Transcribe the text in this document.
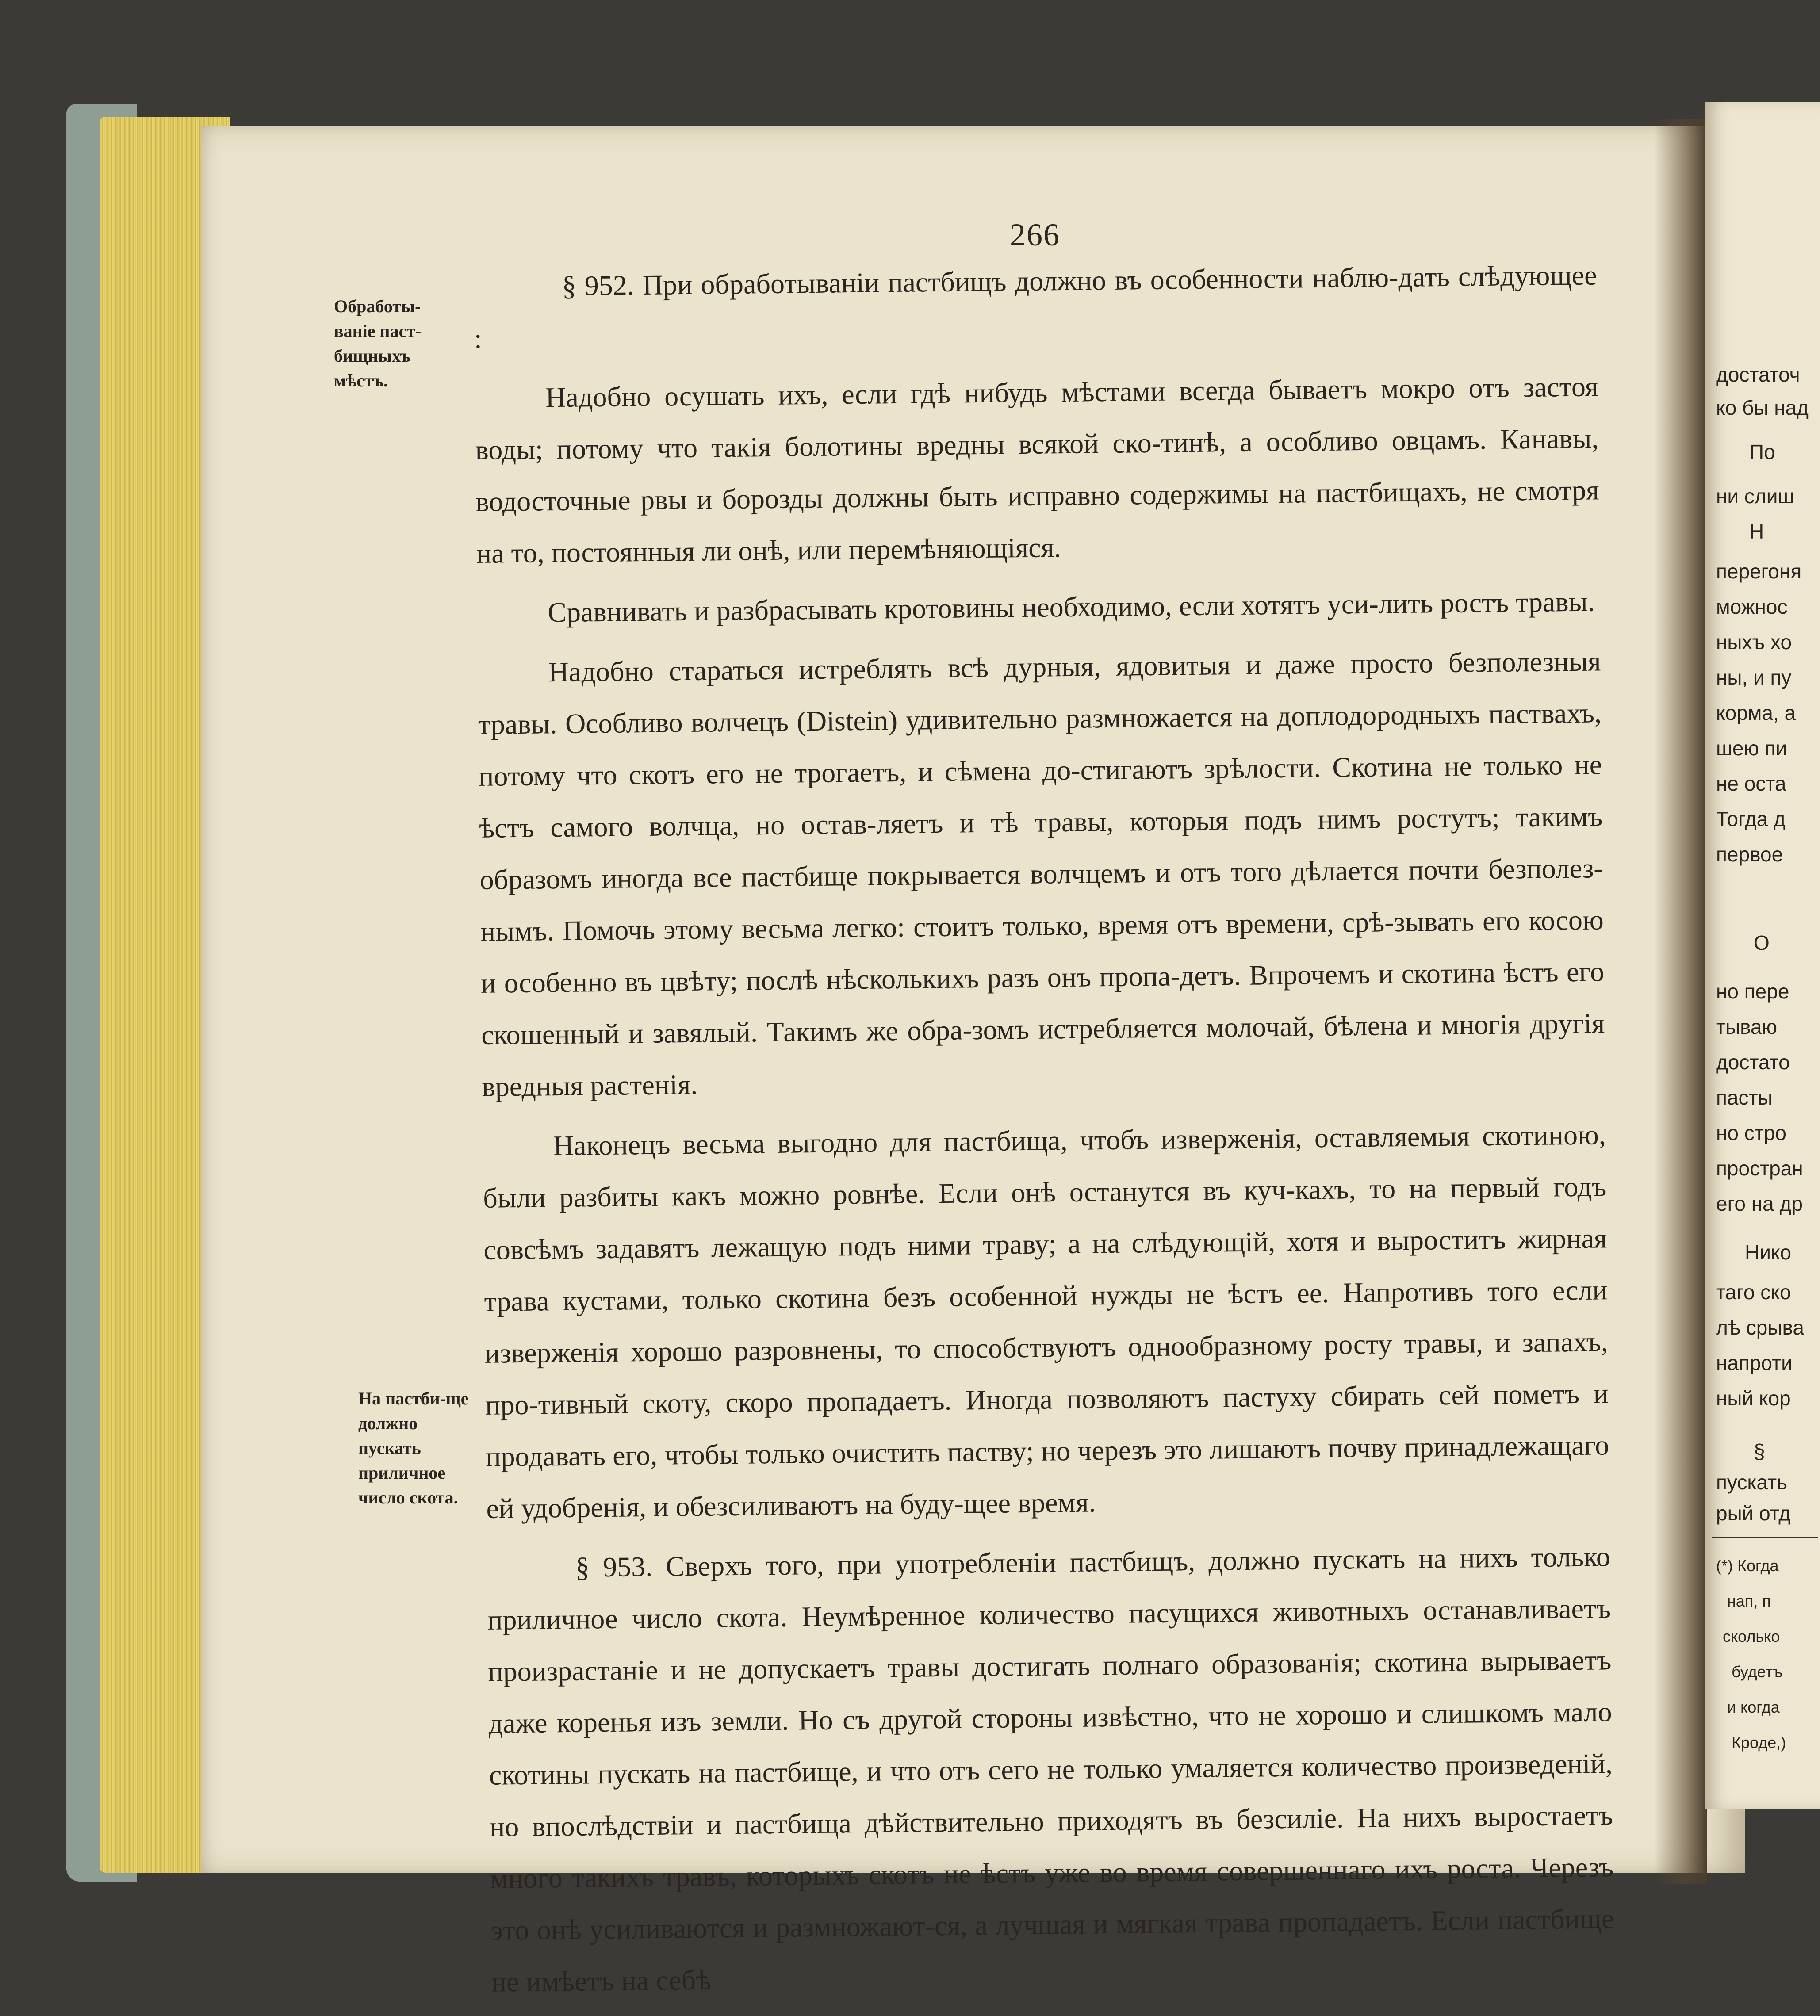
266
Обработы-ваніе паст-бищныхъ мѣстъ.
На пастби-ще должно пускать приличное число скота.

§ 952. При обработываніи пастбищъ должно въ особенности наблю-дать слѣдующее :

Надобно осушать ихъ, если гдѣ нибудь мѣстами всегда бываетъ мокро отъ застоя воды; потому что такія болотины вредны всякой ско-тинѣ, а особливо овцамъ. Канавы, водосточные рвы и борозды должны быть исправно содержимы на пастбищахъ, не смотря на то, постоянныя ли онѣ, или перемѣняющіяся.

Сравнивать и разбрасывать кротовины необходимо, если хотятъ уси-лить ростъ травы.

Надобно стараться истреблять всѣ дурныя, ядовитыя и даже просто безполезныя травы. Особливо волчецъ (Distein) удивительно размножается на доплодородныхъ паствахъ, потому что скотъ его не трогаетъ, и сѣмена до-стигаютъ зрѣлости. Скотина не только не ѣстъ самого волчца, но остав-ляетъ и тѣ травы, которыя подъ нимъ ростутъ; такимъ образомъ иногда все пастбище покрывается волчцемъ и отъ того дѣлается почти безполез-нымъ. Помочь этому весьма легко: стоитъ только, время отъ времени, срѣ-зывать его косою и особенно въ цвѣту; послѣ нѣсколькихъ разъ онъ пропа-детъ. Впрочемъ и скотина ѣстъ его скошенный и завялый. Такимъ же обра-зомъ истребляется молочай, бѣлена и многія другія вредныя растенія.

Наконецъ весьма выгодно для пастбища, чтобъ изверженія, оставляемыя скотиною, были разбиты какъ можно ровнѣе. Если онѣ останутся въ куч-кахъ, то на первый годъ совсѣмъ задавятъ лежащую подъ ними траву; а на слѣдующій, хотя и выроститъ жирная трава кустами, только скотина безъ особенной нужды не ѣстъ ее. Напротивъ того если изверженія хорошо разровнены, то способствуютъ однообразному росту травы, и запахъ, про-тивный скоту, скоро пропадаетъ. Иногда позволяютъ пастуху сбирать сей пометъ и продавать его, чтобы только очистить паству; но черезъ это лишаютъ почву принадлежащаго ей удобренія, и обезсиливаютъ на буду-щее время.

§ 953. Сверхъ того, при употребленіи пастбищъ, должно пускать на нихъ только приличное число скота. Неумѣренное количество пасущихся животныхъ останавливаетъ произрастаніе и не допускаетъ травы достигать полнаго образованія; скотина вырываетъ даже коренья изъ земли. Но съ другой стороны извѣстно, что не хорошо и слишкомъ мало скотины пускать на пастбище, и что отъ сего не только умаляется количество произведеній, но впослѣдствіи и пастбища дѣйствительно приходятъ въ безсиліе. На нихъ выростаетъ много такихъ травъ, которыхъ скотъ не ѣстъ уже во время совершеннаго ихъ роста. Черезъ это онѣ усиливаются и размножают-ся, а лучшая и мягкая трава пропадаетъ. Если пастбище не имѣетъ на себѣ

достаточ
ко бы над
По
ни слиш
Н
перегоня
можнос
ныхъ хо
ны, и пу
корма, а
шею пи
не оста
Тогда д
первое
О
но пере
тываю
достато
пасты
но стро
простран
его на др
Нико
таго ско
лѣ срыва
напроти
ный кор
§
пускать
рый отд
(*) Когда
нап, п
сколько
будетъ
и когда
Кроде,)
